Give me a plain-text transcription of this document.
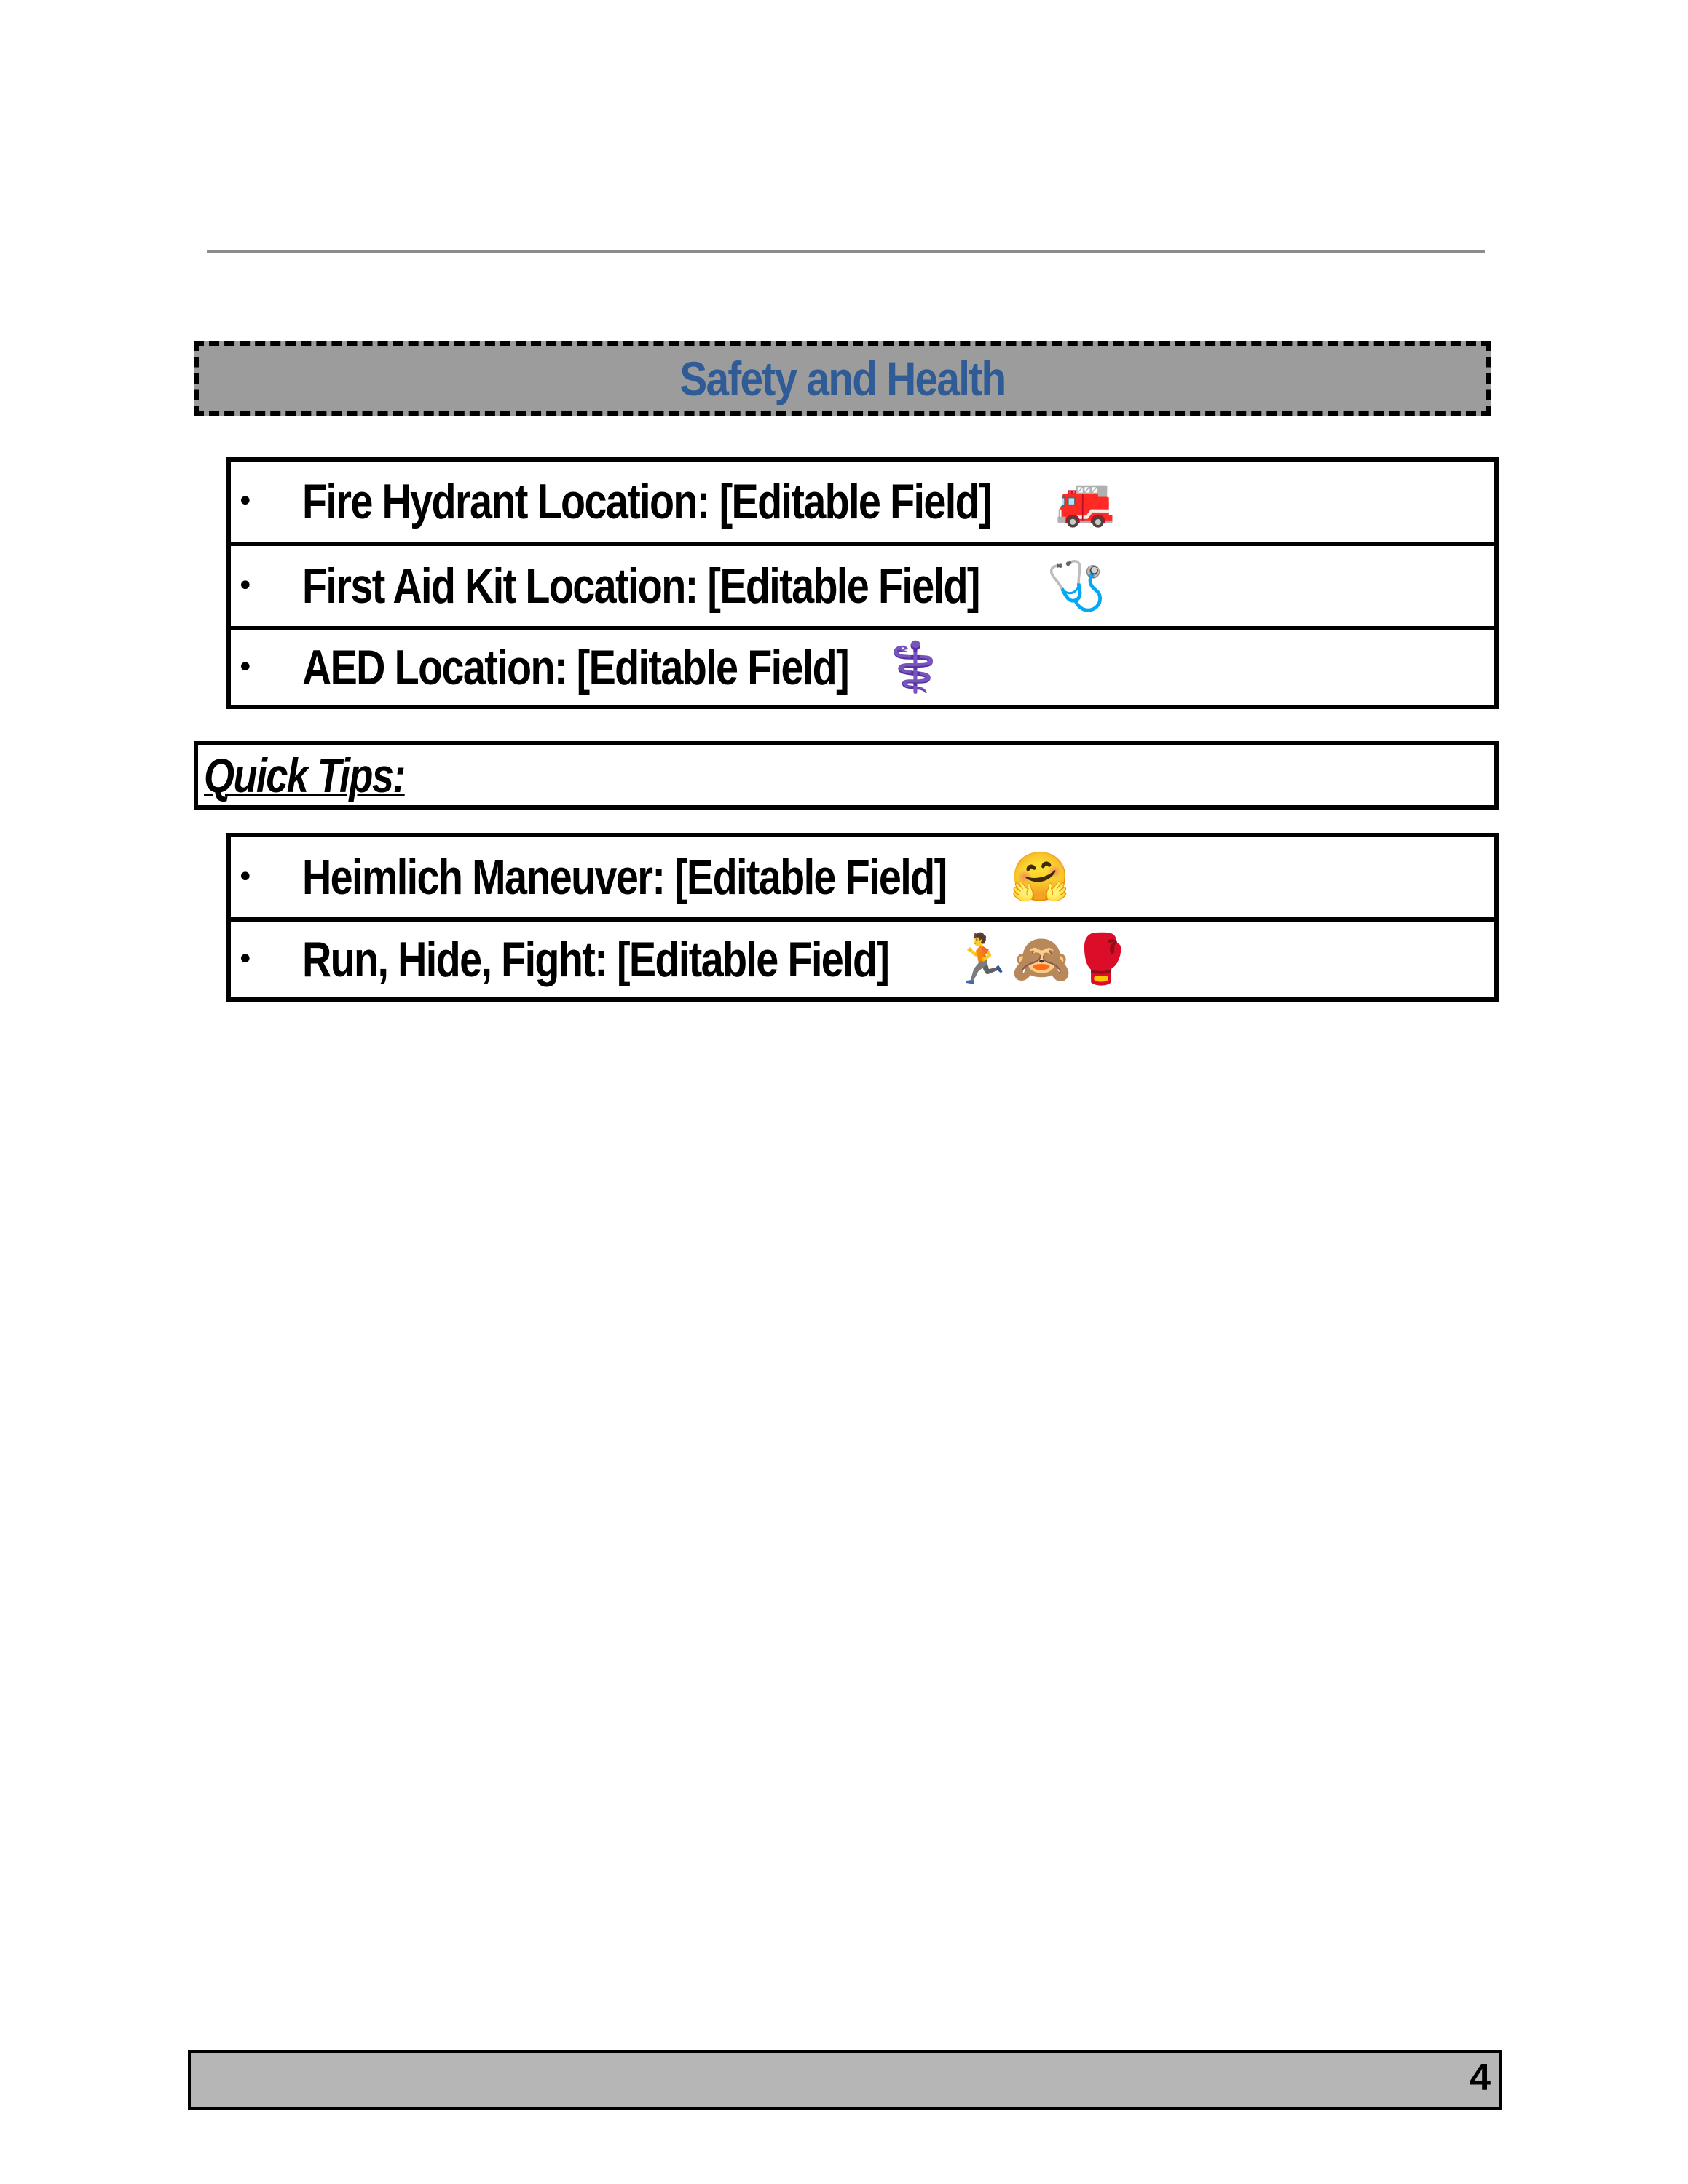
Safety and Health
• Fire Hydrant Location: [Editable Field] 🚒
• First Aid Kit Location: [Editable Field] 🩺
• AED Location: [Editable Field] ⚕️
Quick Tips:
• Heimlich Maneuver: [Editable Field] 🤗
• Run, Hide, Fight: [Editable Field] 🏃🙈🥊
4
